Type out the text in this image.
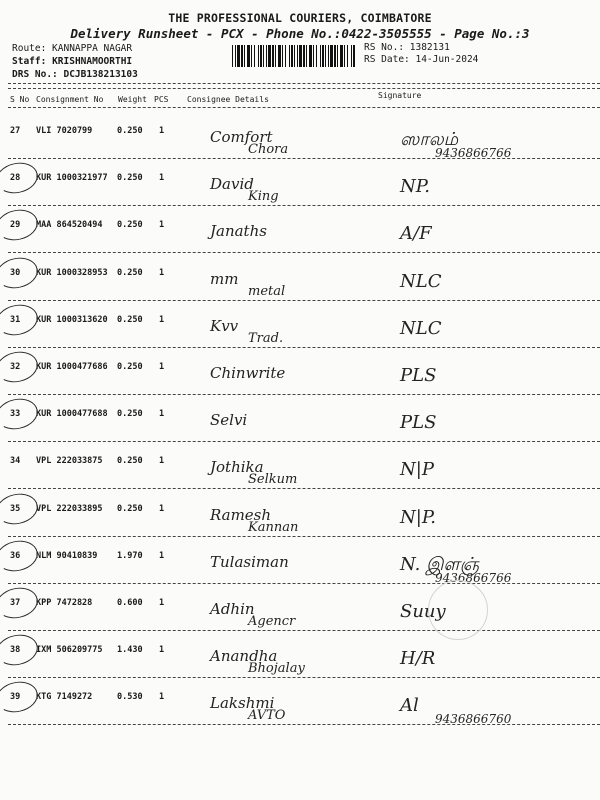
THE PROFESSIONAL COURIERS, COIMBATORE
Delivery Runsheet - PCX - Phone No.:0422-3505555 - Page No.:3
Route: KANNAPPA NAGAR
Staff: KRISHNAMOORTHI
DRS No.: DCJB138213103
RS No.: 1382131
RS Date: 14-Jun-2024
S No Consignment No Weight PCS Consignee Details	Signature
27 VLI 7020799	0.250 1	Comfort
Chora	ஸாலம்
9436866766
28 KUR 1000321977 0.250 1	David
King	NP.
29 MAA 864520494 0.250 1	Janaths	A/F
30 KUR 1000328953 0.250 1	mm
metal	NLC
31 KUR 1000313620 0.250 1	Kvv
Trad.	NLC
32 KUR 1000477686 0.250 1	Chinwrite	PLS
33 KUR 1000477688 0.250 1	Selvi	PLS
34 VPL 222033875 0.250 1	Jothika
Selkum	N|P
35 VPL 222033895 0.250 1	Ramesh
Kannan	N|P.
36 NLM 90410839 1.970 1	Tulasiman	N. இளஞ்
9436866766
37 KPP 7472828	0.600 1	Adhin
Agencr	Suuy
38 IXM 506209775 1.430 1	Anandha
Bhojalay	H/R
39 KTG 7149272	0.530 1	Lakshmi
AVTO	Al
9436866760
